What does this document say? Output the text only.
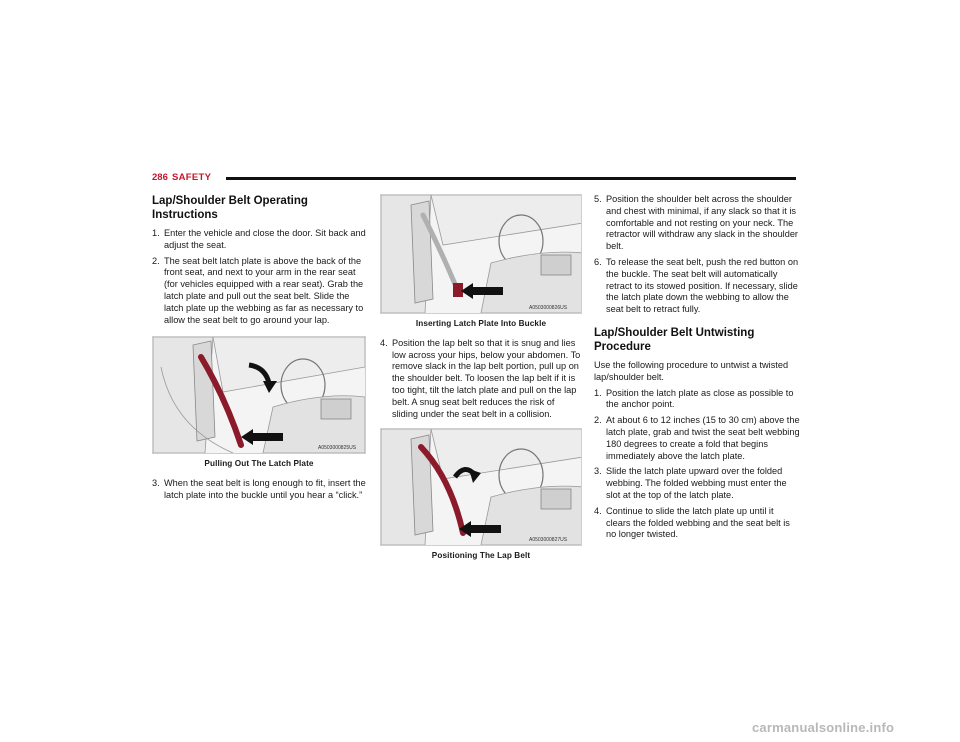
286 SAFETY
Lap/Shoulder Belt Operating Instructions
1. Enter the vehicle and close the door. Sit back and adjust the seat.
2. The seat belt latch plate is above the back of the front seat, and next to your arm in the rear seat (for vehicles equipped with a rear seat). Grab the latch plate and pull out the seat belt. Slide the latch plate up the webbing as far as necessary to allow the seat belt to go around your lap.
A0503000825US
Pulling Out The Latch Plate
3. When the seat belt is long enough to fit, insert the latch plate into the buckle until you hear a “click.”
A0503000826US
Inserting Latch Plate Into Buckle
4. Position the lap belt so that it is snug and lies low across your hips, below your abdomen. To remove slack in the lap belt portion, pull up on the shoulder belt. To loosen the lap belt if it is too tight, tilt the latch plate and pull on the lap belt. A snug seat belt reduces the risk of sliding under the seat belt in a collision.
A0503000827US
Positioning The Lap Belt
5. Position the shoulder belt across the shoulder and chest with minimal, if any slack so that it is comfortable and not resting on your neck. The retractor will withdraw any slack in the shoulder belt.
6. To release the seat belt, push the red button on the buckle. The seat belt will automatically retract to its stowed position. If necessary, slide the latch plate down the webbing to allow the seat belt to retract fully.
Lap/Shoulder Belt Untwisting Procedure

Use the following procedure to untwist a twisted lap/shoulder belt.

1. Position the latch plate as close as possible to the anchor point.
2. At about 6 to 12 inches (15 to 30 cm) above the latch plate, grab and twist the seat belt webbing 180 degrees to create a fold that begins immediately above the latch plate.
3. Slide the latch plate upward over the folded webbing. The folded webbing must enter the slot at the top of the latch plate.
4. Continue to slide the latch plate up until it clears the folded webbing and the seat belt is no longer twisted.
carmanualsonline.info
